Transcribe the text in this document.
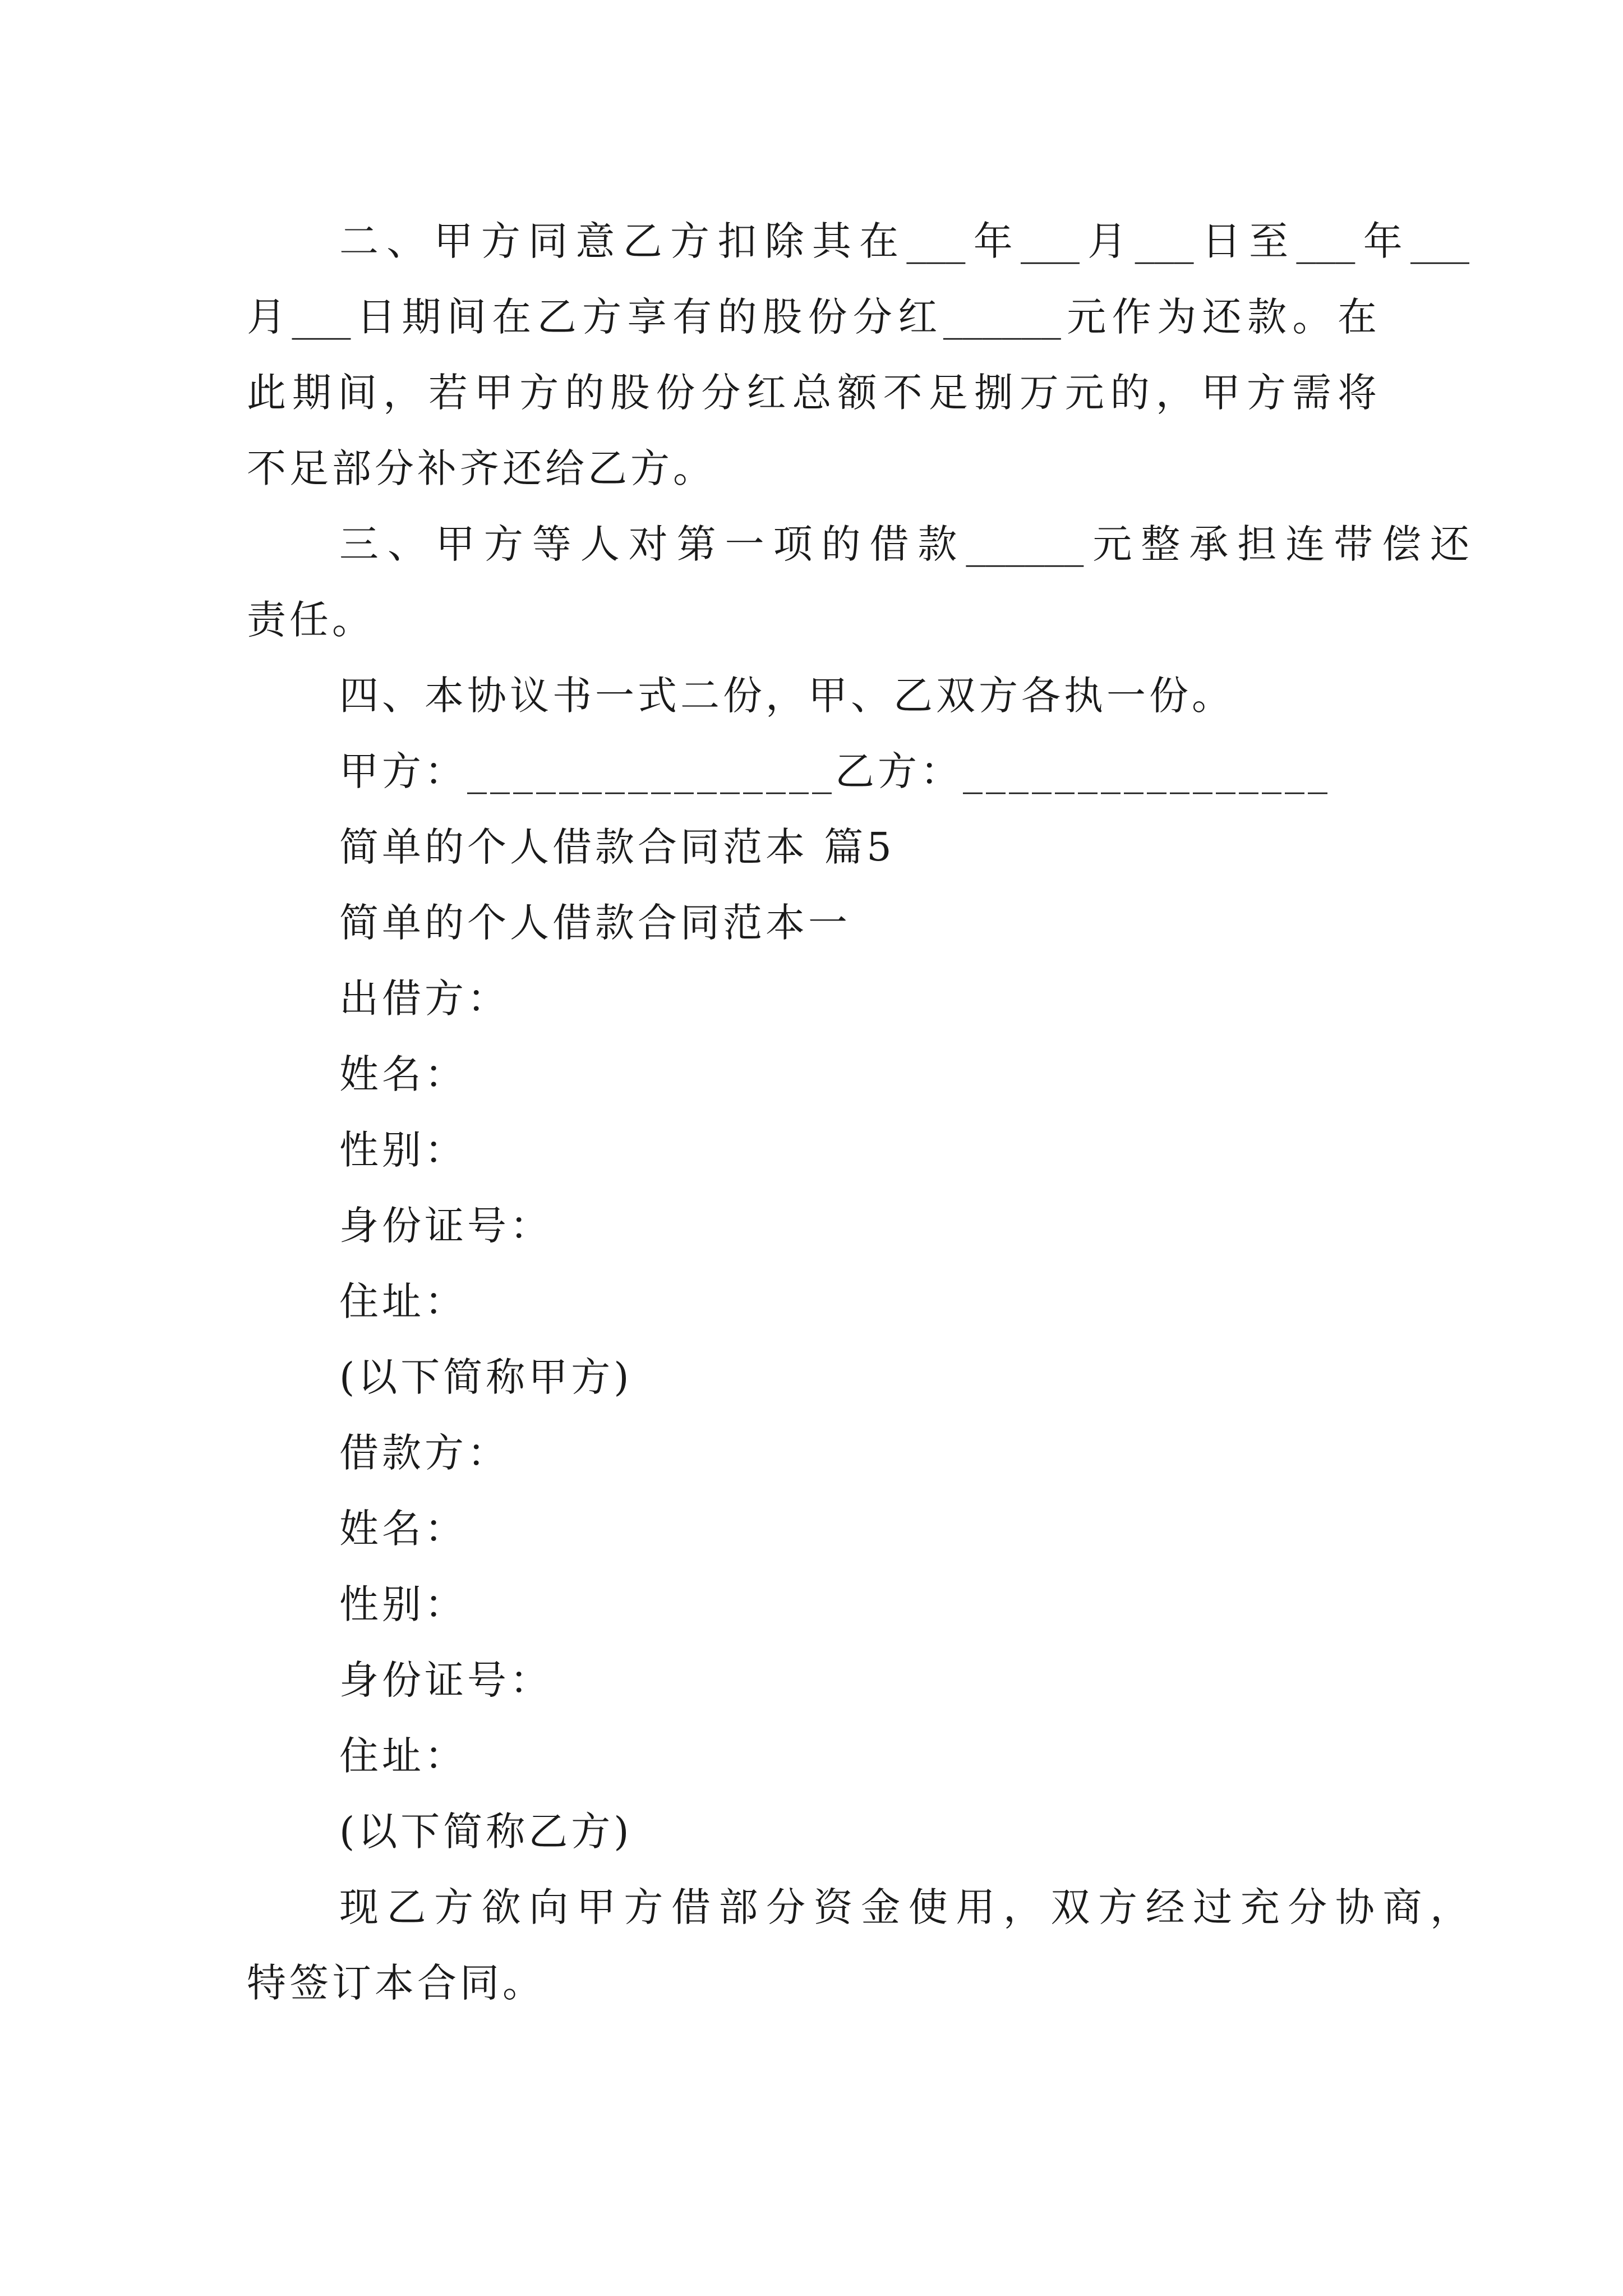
二、甲方同意乙方扣除其在___年___月___日至___年___
月___日期间在乙方享有的股份分红______元作为还款。在
此期间，若甲方的股份分红总额不足捌万元的，甲方需将
不足部分补齐还给乙方。
三、甲方等人对第一项的借款______元整承担连带偿还
责任。
四、本协议书一式二份，甲、乙双方各执一份。
甲方：________________乙方：________________
简单的个人借款合同范本 篇5
简单的个人借款合同范本一
出借方：
姓名：
性别：
身份证号：
住址：
(以下简称甲方)
借款方：
姓名：
性别：
身份证号：
住址：
(以下简称乙方)
现乙方欲向甲方借部分资金使用，双方经过充分协商，
特签订本合同。
